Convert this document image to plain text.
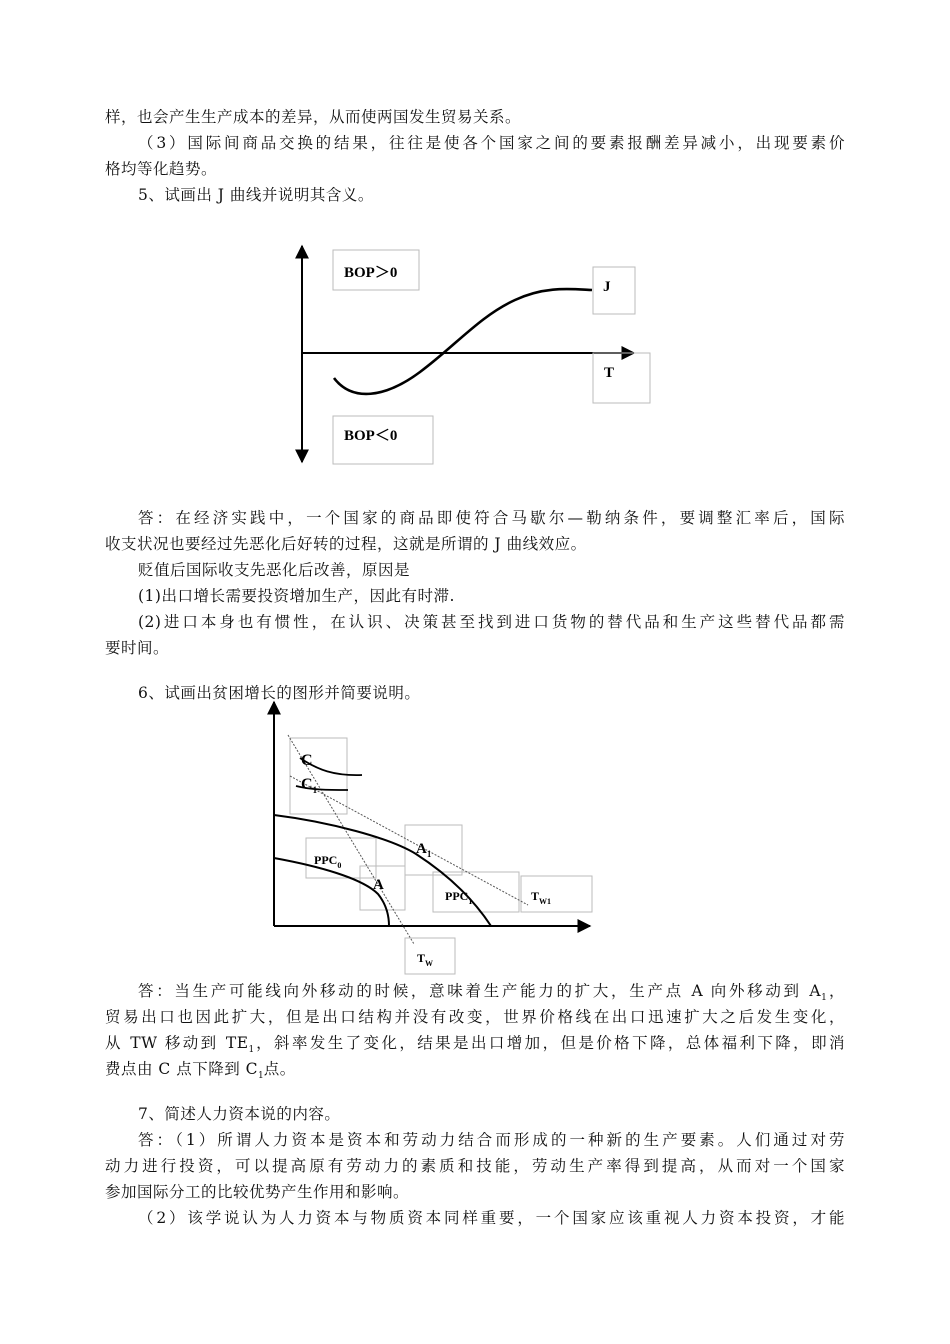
样，也会产生生产成本的差异，从而使两国发生贸易关系。
（3）国际间商品交换的结果，往往是使各个国家之间的要素报酬差异减小，出现要素价
格均等化趋势。
5、试画出 J 曲线并说明其含义。
BOP＞0
J
T
BOP＜0
答：在经济实践中，一个国家的商品即使符合马歇尔—勒纳条件，要调整汇率后，国际
收支状况也要经过先恶化后好转的过程，这就是所谓的 J 曲线效应。
贬值后国际收支先恶化后改善，原因是
(1)出口增长需要投资增加生产，因此有时滞.
(2)进口本身也有惯性，在认识、决策甚至找到进口货物的替代品和生产这些替代品都需
要时间。
6、试画出贫困增长的图形并简要说明。
C
$C_1$
$A_1$
$PPC_0$
A
$PPC_1$	$T_{W1}$
$T_W$
答：当生产可能线向外移动的时候，意味着生产能力的扩大，生产点 A 向外移动到 $A_1$，
贸易出口也因此扩大，但是出口结构并没有改变，世界价格线在出口迅速扩大之后发生变化，
从 TW 移动到 $TE_1$，斜率发生了变化，结果是出口增加，但是价格下降，总体福利下降，即消
费点由 C 点下降到 $C_1$点。
7、简述人力资本说的内容。
答：（1）所谓人力资本是资本和劳动力结合而形成的一种新的生产要素。人们通过对劳
动力进行投资，可以提高原有劳动力的素质和技能，劳动生产率得到提高，从而对一个国家
参加国际分工的比较优势产生作用和影响。
（2）该学说认为人力资本与物质资本同样重要，一个国家应该重视人力资本投资，才能
